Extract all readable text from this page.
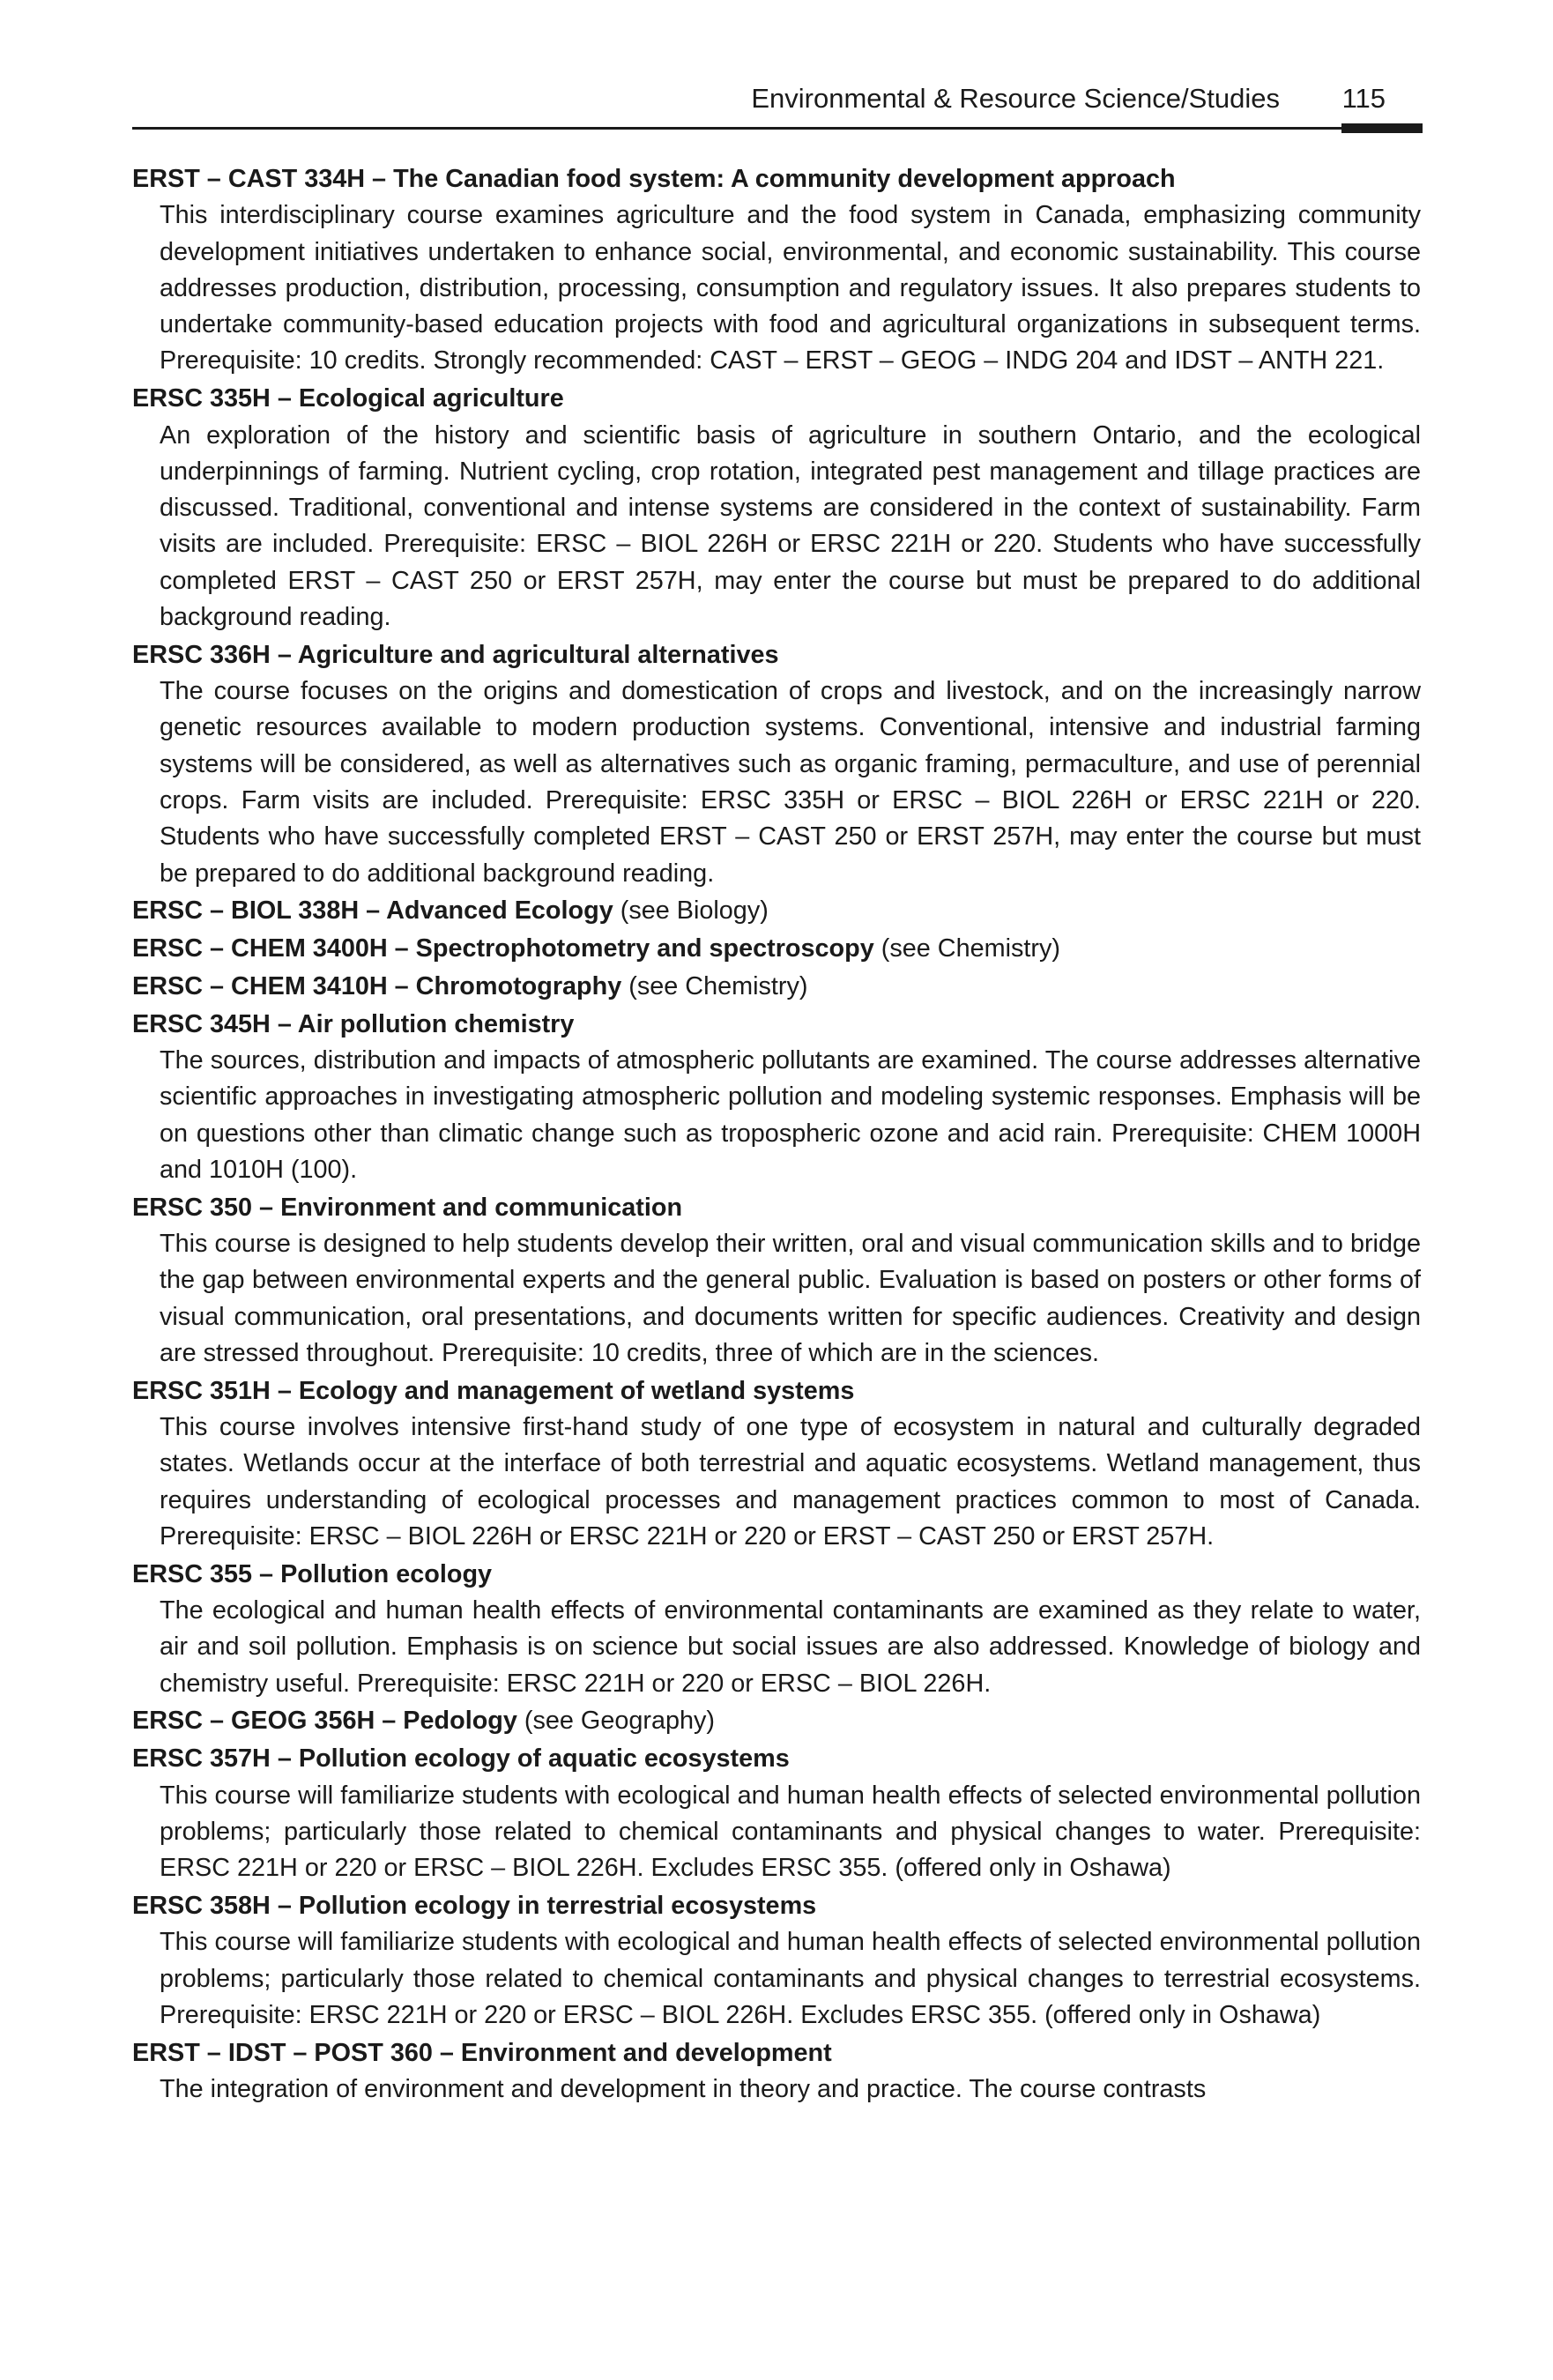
Environmental & Resource Science/Studies 115
ERST – CAST 334H – The Canadian food system: A community development approach
This interdisciplinary course examines agriculture and the food system in Canada, emphasizing community development initiatives undertaken to enhance social, environmental, and economic sustainability. This course addresses production, distribution, processing, consumption and regulatory issues. It also prepares students to undertake community-based education projects with food and agricultural organizations in subsequent terms. Prerequisite: 10 credits. Strongly recommended: CAST – ERST – GEOG – INDG 204 and IDST – ANTH 221.
ERSC 335H – Ecological agriculture
An exploration of the history and scientific basis of agriculture in southern Ontario, and the ecological underpinnings of farming. Nutrient cycling, crop rotation, integrated pest management and tillage practices are discussed. Traditional, conventional and intense systems are considered in the context of sustainability. Farm visits are included. Prerequisite: ERSC – BIOL 226H or ERSC 221H or 220. Students who have successfully completed ERST – CAST 250 or ERST 257H, may enter the course but must be prepared to do additional background reading.
ERSC 336H – Agriculture and agricultural alternatives
The course focuses on the origins and domestication of crops and livestock, and on the increasingly narrow genetic resources available to modern production systems. Conventional, intensive and industrial farming systems will be considered, as well as alternatives such as organic framing, permaculture, and use of perennial crops. Farm visits are included. Prerequisite: ERSC 335H or ERSC – BIOL 226H or ERSC 221H or 220. Students who have successfully completed ERST – CAST 250 or ERST 257H, may enter the course but must be prepared to do additional background reading.
ERSC – BIOL 338H – Advanced Ecology (see Biology)
ERSC – CHEM 3400H – Spectrophotometry and spectroscopy (see Chemistry)
ERSC – CHEM 3410H – Chromotography (see Chemistry)
ERSC 345H – Air pollution chemistry
The sources, distribution and impacts of atmospheric pollutants are examined. The course addresses alternative scientific approaches in investigating atmospheric pollution and modeling systemic responses. Emphasis will be on questions other than climatic change such as tropospheric ozone and acid rain. Prerequisite: CHEM 1000H and 1010H (100).
ERSC 350 – Environment and communication
This course is designed to help students develop their written, oral and visual communication skills and to bridge the gap between environmental experts and the general public. Evaluation is based on posters or other forms of visual communication, oral presentations, and documents written for specific audiences. Creativity and design are stressed throughout. Prerequisite: 10 credits, three of which are in the sciences.
ERSC 351H – Ecology and management of wetland systems
This course involves intensive first-hand study of one type of ecosystem in natural and culturally degraded states. Wetlands occur at the interface of both terrestrial and aquatic ecosystems. Wetland management, thus requires understanding of ecological processes and management practices common to most of Canada. Prerequisite: ERSC – BIOL 226H or ERSC 221H or 220 or ERST – CAST 250 or ERST 257H.
ERSC 355 – Pollution ecology
The ecological and human health effects of environmental contaminants are examined as they relate to water, air and soil pollution. Emphasis is on science but social issues are also addressed. Knowledge of biology and chemistry useful. Prerequisite: ERSC 221H or 220 or ERSC – BIOL 226H.
ERSC – GEOG 356H – Pedology (see Geography)
ERSC 357H – Pollution ecology of aquatic ecosystems
This course will familiarize students with ecological and human health effects of selected environmental pollution problems; particularly those related to chemical contaminants and physical changes to water. Prerequisite: ERSC 221H or 220 or ERSC – BIOL 226H. Excludes ERSC 355. (offered only in Oshawa)
ERSC 358H – Pollution ecology in terrestrial ecosystems
This course will familiarize students with ecological and human health effects of selected environmental pollution problems; particularly those related to chemical contaminants and physical changes to terrestrial ecosystems. Prerequisite: ERSC 221H or 220 or ERSC – BIOL 226H. Excludes ERSC 355. (offered only in Oshawa)
ERST – IDST – POST 360 – Environment and development
The integration of environment and development in theory and practice. The course contrasts
